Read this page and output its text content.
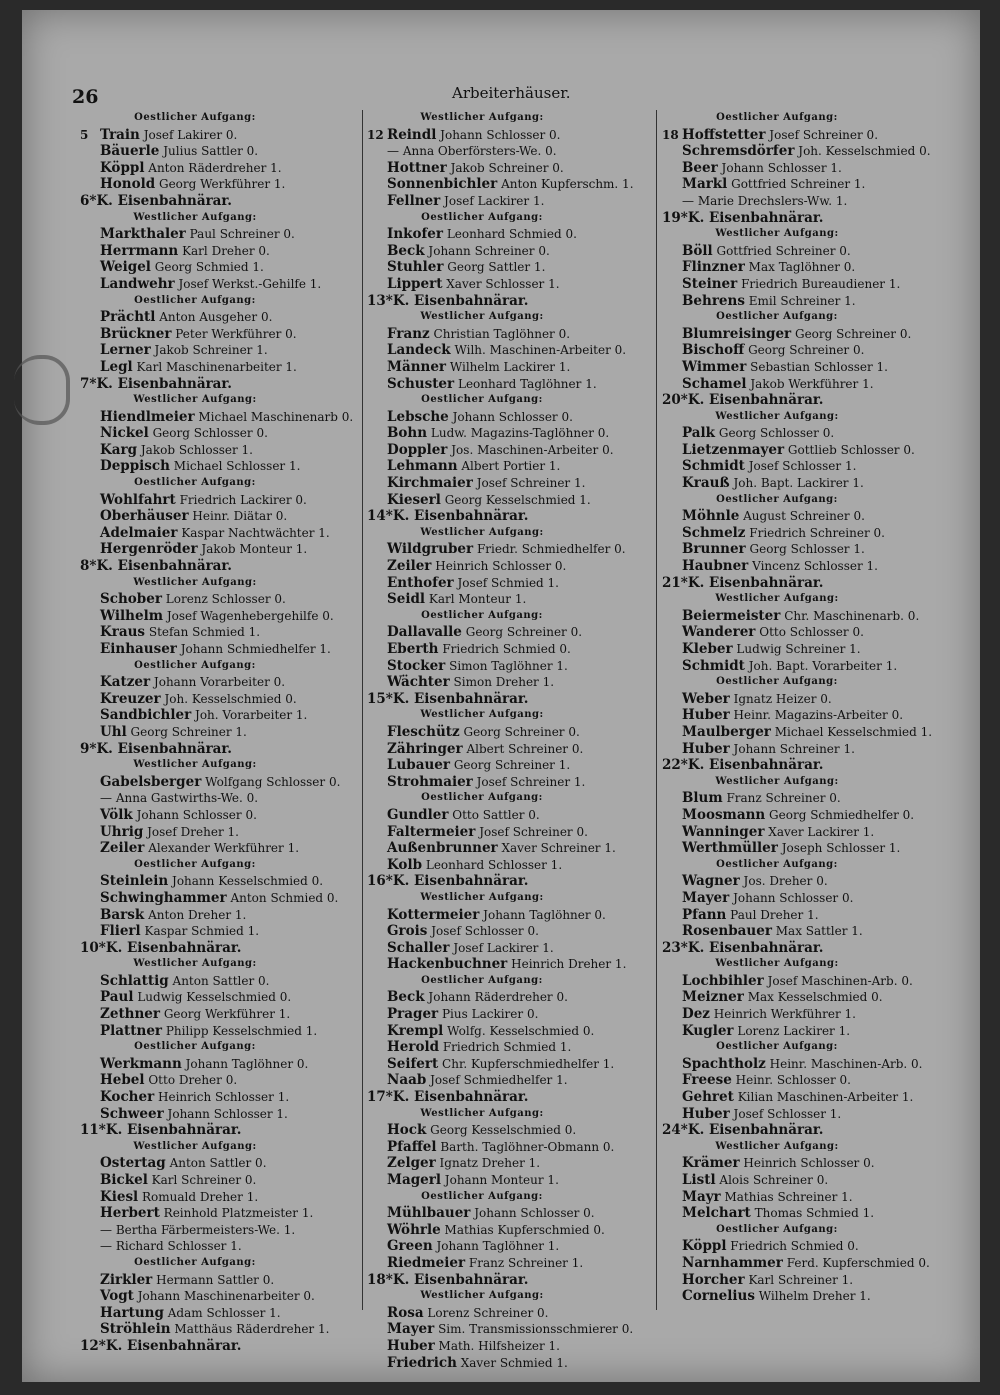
26	Arbeiterhäuser.
Oestlicher Aufgang:
5 Train Josef Lakirer 0.
Bäuerle Julius Sattler 0.
Köppl Anton Räderdreher 1.
Honold Georg Werkführer 1.
6*K. Eisenbahnärar.
Westlicher Aufgang:
Markthaler Paul Schreiner 0.
Herrmann Karl Dreher 0.
Weigel Georg Schmied 1.
Landwehr Josef Werkst.-Gehilfe 1.
Oestlicher Aufgang:
Prächtl Anton Ausgeher 0.
Brückner Peter Werkführer 0.
Lerner Jakob Schreiner 1.
Legl Karl Maschinenarbeiter 1.
7*K. Eisenbahnärar.
Westlicher Aufgang:
Hiendlmeier Michael Maschinenarb 0.
Nickel Georg Schlosser 0.
Karg Jakob Schlosser 1.
Deppisch Michael Schlosser 1.
Oestlicher Aufgang:
Wohlfahrt Friedrich Lackirer 0.
Oberhäuser Heinr. Diätar 0.
Adelmaier Kaspar Nachtwächter 1.
Hergenröder Jakob Monteur 1.
8*K. Eisenbahnärar.
Westlicher Aufgang:
Schober Lorenz Schlosser 0.
Wilhelm Josef Wagenhebergehilfe 0.
Kraus Stefan Schmied 1.
Einhauser Johann Schmiedhelfer 1.
Oestlicher Aufgang:
Katzer Johann Vorarbeiter 0.
Kreuzer Joh. Kesselschmied 0.
Sandbichler Joh. Vorarbeiter 1.
Uhl Georg Schreiner 1.
9*K. Eisenbahnärar.
Westlicher Aufgang:
Gabelsberger Wolfgang Schlosser 0.
— Anna Gastwirths-We. 0.
Völk Johann Schlosser 0.
Uhrig Josef Dreher 1.
Zeiler Alexander Werkführer 1.
Oestlicher Aufgang:
Steinlein Johann Kesselschmied 0.
Schwinghammer Anton Schmied 0.
Barsk Anton Dreher 1.
Flierl Kaspar Schmied 1.
10*K. Eisenbahnärar.
Westlicher Aufgang:
Schlattig Anton Sattler 0.
Paul Ludwig Kesselschmied 0.
Zethner Georg Werkführer 1.
Plattner Philipp Kesselschmied 1.
Oestlicher Aufgang:
Werkmann Johann Taglöhner 0.
Hebel Otto Dreher 0.
Kocher Heinrich Schlosser 1.
Schweer Johann Schlosser 1.
11*K. Eisenbahnärar.
Westlicher Aufgang:
Ostertag Anton Sattler 0.
Bickel Karl Schreiner 0.
Kiesl Romuald Dreher 1.
Herbert Reinhold Platzmeister 1.
— Bertha Färbermeisters-We. 1.
— Richard Schlosser 1.
Oestlicher Aufgang:
Zirkler Hermann Sattler 0.
Vogt Johann Maschinenarbeiter 0.
Hartung Adam Schlosser 1.
Ströhlein Matthäus Räderdreher 1.
12*K. Eisenbahnärar.
Westlicher Aufgang:
12 Reindl Johann Schlosser 0.
— Anna Oberförsters-We. 0.
Hottner Jakob Schreiner 0.
Sonnenbichler Anton Kupferschm. 1.
Fellner Josef Lackirer 1.
Oestlicher Aufgang:
Inkofer Leonhard Schmied 0.
Beck Johann Schreiner 0.
Stuhler Georg Sattler 1.
Lippert Xaver Schlosser 1.
13*K. Eisenbahnärar.
Westlicher Aufgang:
Franz Christian Taglöhner 0.
Landeck Wilh. Maschinen-Arbeiter 0.
Männer Wilhelm Lackirer 1.
Schuster Leonhard Taglöhner 1.
Oestlicher Aufgang:
Lebsche Johann Schlosser 0.
Bohn Ludw. Magazins-Taglöhner 0.
Doppler Jos. Maschinen-Arbeiter 0.
Lehmann Albert Portier 1.
Kirchmaier Josef Schreiner 1.
Kieserl Georg Kesselschmied 1.
14*K. Eisenbahnärar.
Westlicher Aufgang:
Wildgruber Friedr. Schmiedhelfer 0.
Zeiler Heinrich Schlosser 0.
Enthofer Josef Schmied 1.
Seidl Karl Monteur 1.
Oestlicher Aufgang:
Dallavalle Georg Schreiner 0.
Eberth Friedrich Schmied 0.
Stocker Simon Taglöhner 1.
Wächter Simon Dreher 1.
15*K. Eisenbahnärar.
Westlicher Aufgang:
Fleschütz Georg Schreiner 0.
Zähringer Albert Schreiner 0.
Lubauer Georg Schreiner 1.
Strohmaier Josef Schreiner 1.
Oestlicher Aufgang:
Gundler Otto Sattler 0.
Faltermeier Josef Schreiner 0.
Außenbrunner Xaver Schreiner 1.
Kolb Leonhard Schlosser 1.
16*K. Eisenbahnärar.
Westlicher Aufgang:
Kottermeier Johann Taglöhner 0.
Grois Josef Schlosser 0.
Schaller Josef Lackirer 1.
Hackenbuchner Heinrich Dreher 1.
Oestlicher Aufgang:
Beck Johann Räderdreher 0.
Prager Pius Lackirer 0.
Krempl Wolfg. Kesselschmied 0.
Herold Friedrich Schmied 1.
Seifert Chr. Kupferschmiedhelfer 1.
Naab Josef Schmiedhelfer 1.
17*K. Eisenbahnärar.
Westlicher Aufgang:
Hock Georg Kesselschmied 0.
Pfaffel Barth. Taglöhner-Obmann 0.
Zelger Ignatz Dreher 1.
Magerl Johann Monteur 1.
Oestlicher Aufgang:
Mühlbauer Johann Schlosser 0.
Wöhrle Mathias Kupferschmied 0.
Green Johann Taglöhner 1.
Riedmeier Franz Schreiner 1.
18*K. Eisenbahnärar.
Westlicher Aufgang:
Rosa Lorenz Schreiner 0.
Mayer Sim. Transmissionsschmierer 0.
Huber Math. Hilfsheizer 1.
Friedrich Xaver Schmied 1.
Oestlicher Aufgang:
18 Hoffstetter Josef Schreiner 0.
Schremsdörfer Joh. Kesselschmied 0.
Beer Johann Schlosser 1.
Markl Gottfried Schreiner 1.
— Marie Drechslers-Ww. 1.
19*K. Eisenbahnärar.
Westlicher Aufgang:
Böll Gottfried Schreiner 0.
Flinzner Max Taglöhner 0.
Steiner Friedrich Bureaudiener 1.
Behrens Emil Schreiner 1.
Oestlicher Aufgang:
Blumreisinger Georg Schreiner 0.
Bischoff Georg Schreiner 0.
Wimmer Sebastian Schlosser 1.
Schamel Jakob Werkführer 1.
20*K. Eisenbahnärar.
Westlicher Aufgang:
Palk Georg Schlosser 0.
Lietzenmayer Gottlieb Schlosser 0.
Schmidt Josef Schlosser 1.
Krauß Joh. Bapt. Lackirer 1.
Oestlicher Aufgang:
Möhnle August Schreiner 0.
Schmelz Friedrich Schreiner 0.
Brunner Georg Schlosser 1.
Haubner Vincenz Schlosser 1.
21*K. Eisenbahnärar.
Westlicher Aufgang:
Beiermeister Chr. Maschinenarb. 0.
Wanderer Otto Schlosser 0.
Kleber Ludwig Schreiner 1.
Schmidt Joh. Bapt. Vorarbeiter 1.
Oestlicher Aufgang:
Weber Ignatz Heizer 0.
Huber Heinr. Magazins-Arbeiter 0.
Maulberger Michael Kesselschmied 1.
Huber Johann Schreiner 1.
22*K. Eisenbahnärar.
Westlicher Aufgang:
Blum Franz Schreiner 0.
Moosmann Georg Schmiedhelfer 0.
Wanninger Xaver Lackirer 1.
Werthmüller Joseph Schlosser 1.
Oestlicher Aufgang:
Wagner Jos. Dreher 0.
Mayer Johann Schlosser 0.
Pfann Paul Dreher 1.
Rosenbauer Max Sattler 1.
23*K. Eisenbahnärar.
Westlicher Aufgang:
Lochbihler Josef Maschinen-Arb. 0.
Meizner Max Kesselschmied 0.
Dez Heinrich Werkführer 1.
Kugler Lorenz Lackirer 1.
Oestlicher Aufgang:
Spachtholz Heinr. Maschinen-Arb. 0.
Freese Heinr. Schlosser 0.
Gehret Kilian Maschinen-Arbeiter 1.
Huber Josef Schlosser 1.
24*K. Eisenbahnärar.
Westlicher Aufgang:
Krämer Heinrich Schlosser 0.
Listl Alois Schreiner 0.
Mayr Mathias Schreiner 1.
Melchart Thomas Schmied 1.
Oestlicher Aufgang:
Köppl Friedrich Schmied 0.
Narnhammer Ferd. Kupferschmied 0.
Horcher Karl Schreiner 1.
Cornelius Wilhelm Dreher 1.
